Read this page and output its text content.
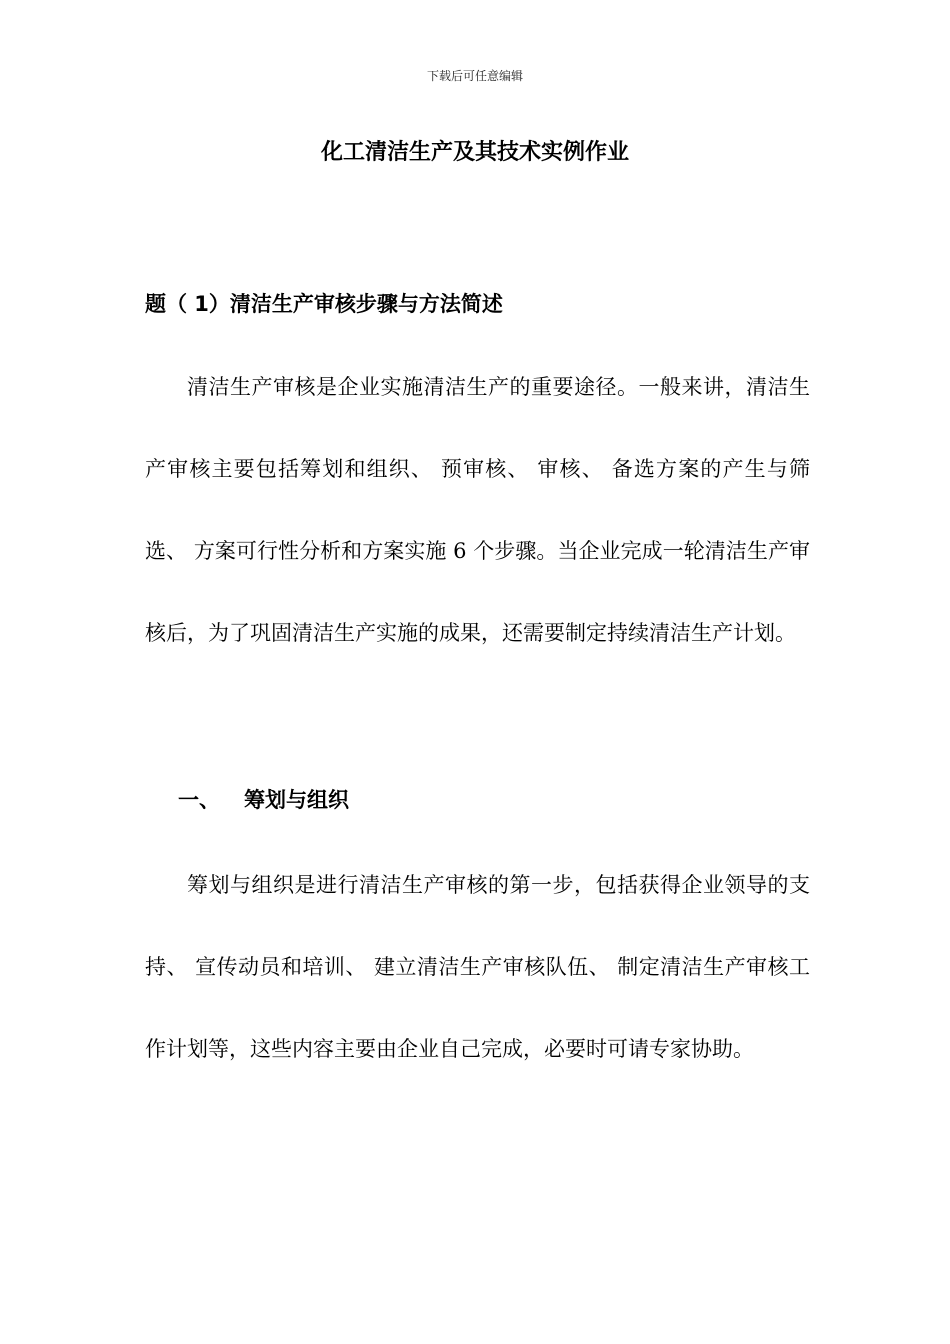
下载后可任意编辑
化工清洁生产及其技术实例作业
题（ 1）清洁生产审核步骤与方法简述

清洁生产审核是企业实施清洁生产的重要途径。一般来讲，清洁生产审核主要包括筹划和组织、 预审核、 审核、 备选方案的产生与筛选、 方案可行性分析和方案实施 6 个步骤。当企业完成一轮清洁生产审核后，为了巩固清洁生产实施的成果，还需要制定持续清洁生产计划。

一、 筹划与组织

筹划与组织是进行清洁生产审核的第一步，包括获得企业领导的支持、 宣传动员和培训、 建立清洁生产审核队伍、 制定清洁生产审核工作计划等，这些内容主要由企业自己完成，必要时可请专家协助。
